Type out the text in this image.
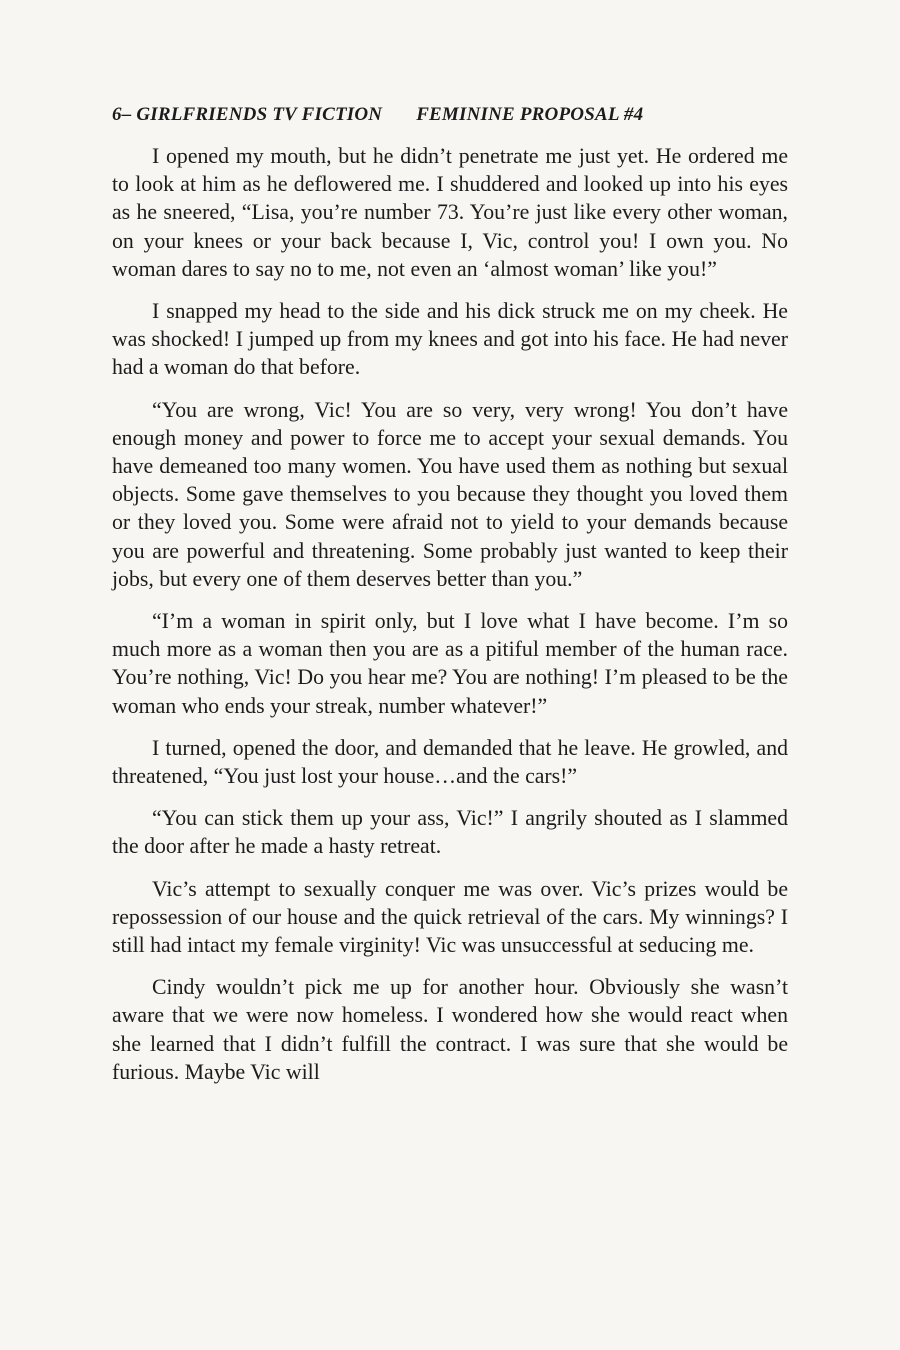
6– GIRLFRIENDS TV FICTION FEMININE PROPOSAL #4

I opened my mouth, but he didn’t penetrate me just yet. He ordered me to look at him as he deflowered me. I shuddered and looked up into his eyes as he sneered, “Lisa, you’re number 73. You’re just like every other woman, on your knees or your back because I, Vic, control you! I own you. No woman dares to say no to me, not even an ‘almost woman’ like you!”

I snapped my head to the side and his dick struck me on my cheek. He was shocked! I jumped up from my knees and got into his face. He had never had a woman do that before.

“You are wrong, Vic! You are so very, very wrong! You don’t have enough money and power to force me to accept your sexual demands. You have demeaned too many women. You have used them as nothing but sexual objects. Some gave themselves to you because they thought you loved them or they loved you. Some were afraid not to yield to your demands because you are powerful and threatening. Some probably just wanted to keep their jobs, but every one of them deserves better than you.”

“I’m a woman in spirit only, but I love what I have become. I’m so much more as a woman then you are as a pitiful member of the human race. You’re nothing, Vic! Do you hear me? You are nothing! I’m pleased to be the woman who ends your streak, number whatever!”

I turned, opened the door, and demanded that he leave. He growled, and threatened, “You just lost your house…and the cars!”

“You can stick them up your ass, Vic!” I angrily shouted as I slammed the door after he made a hasty retreat.

Vic’s attempt to sexually conquer me was over. Vic’s prizes would be repossession of our house and the quick retrieval of the cars. My winnings? I still had intact my female virginity! Vic was unsuccessful at seducing me.

Cindy wouldn’t pick me up for another hour. Obviously she wasn’t aware that we were now homeless. I wondered how she would react when she learned that I didn’t fulfill the contract. I was sure that she would be furious. Maybe Vic will
